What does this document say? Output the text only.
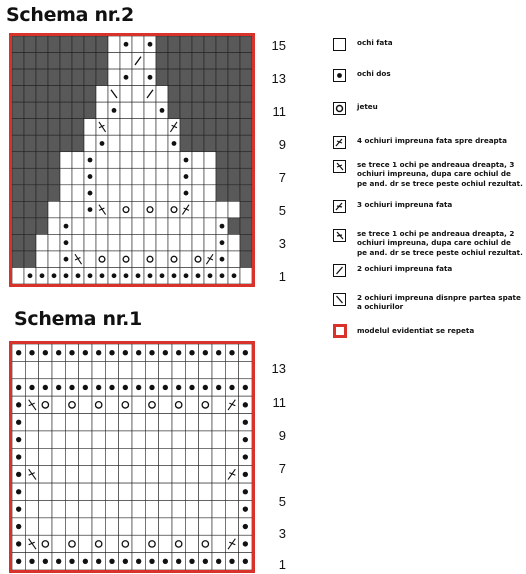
Schema nr.2
15
13
11
9
7
5
3
1
Schema nr.1
13
11
9
7
5
3
1
ochi fata
ochi dos
jeteu
4 ochiuri impreuna fata spre dreapta
se trece 1 ochi pe andreaua dreapta, 3 ochiuri impreuna, dupa care ochiul de pe and. dr se trece peste ochiul rezultat.
3 ochiuri impreuna fata
se trece 1 ochi pe andreaua dreapta, 2 ochiuri impreuna, dupa care ochiul de pe and. dr se trece peste ochiul rezultat.
2 ochiuri impreuna fata
2 ochiuri impreuna disnpre partea spate a ochiurilor
modelul evidentiat se repeta
